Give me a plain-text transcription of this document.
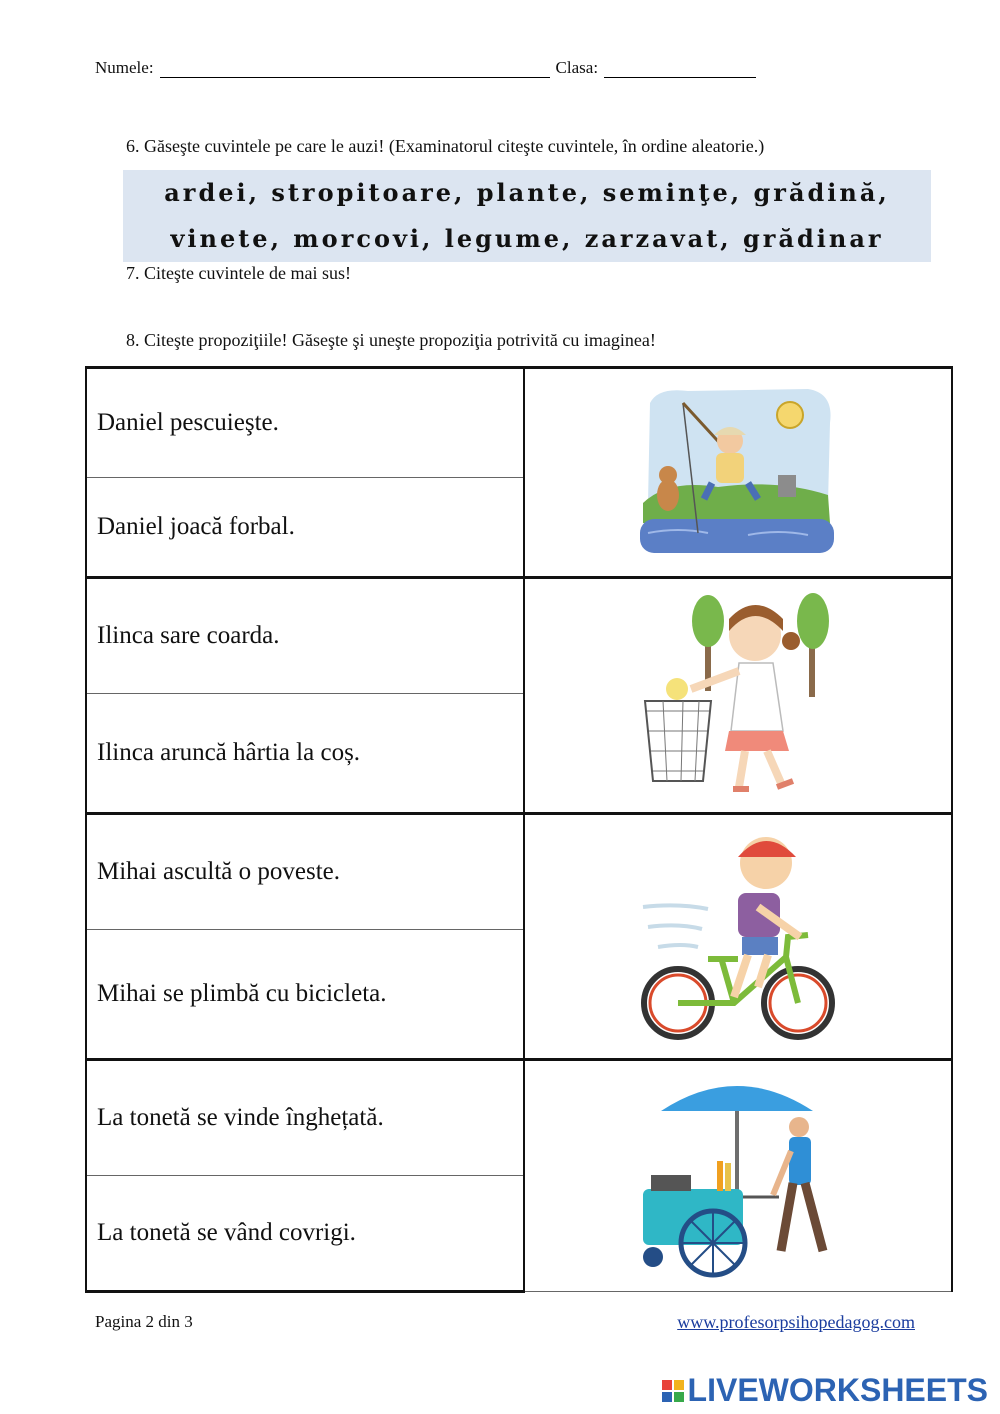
Numele:	Clasa:
6. Găseşte cuvintele pe care le auzi! (Examinatorul citeşte cuvintele, în ordine aleatorie.)
ardei, stropitoare, plante, seminţe, grădină,
vinete, morcovi, legume, zarzavat, grădinar
7. Citeşte cuvintele de mai sus!
8. Citeşte propoziţiile! Găseşte şi uneşte propoziţia potrivită cu imaginea!
Daniel pescuieşte.	

Daniel joacă forbal.	
Ilinca sare coarda.	

Ilinca aruncă hârtia la coș.	
Mihai ascultă o poveste.	

Mihai se plimbă cu bicicleta.	
La tonetă se vinde înghețată.	

La tonetă se vând covrigi.	
Pagina 2 din 3	www.profesorpsihopedagog.com
LIVEWORKSHEETS
